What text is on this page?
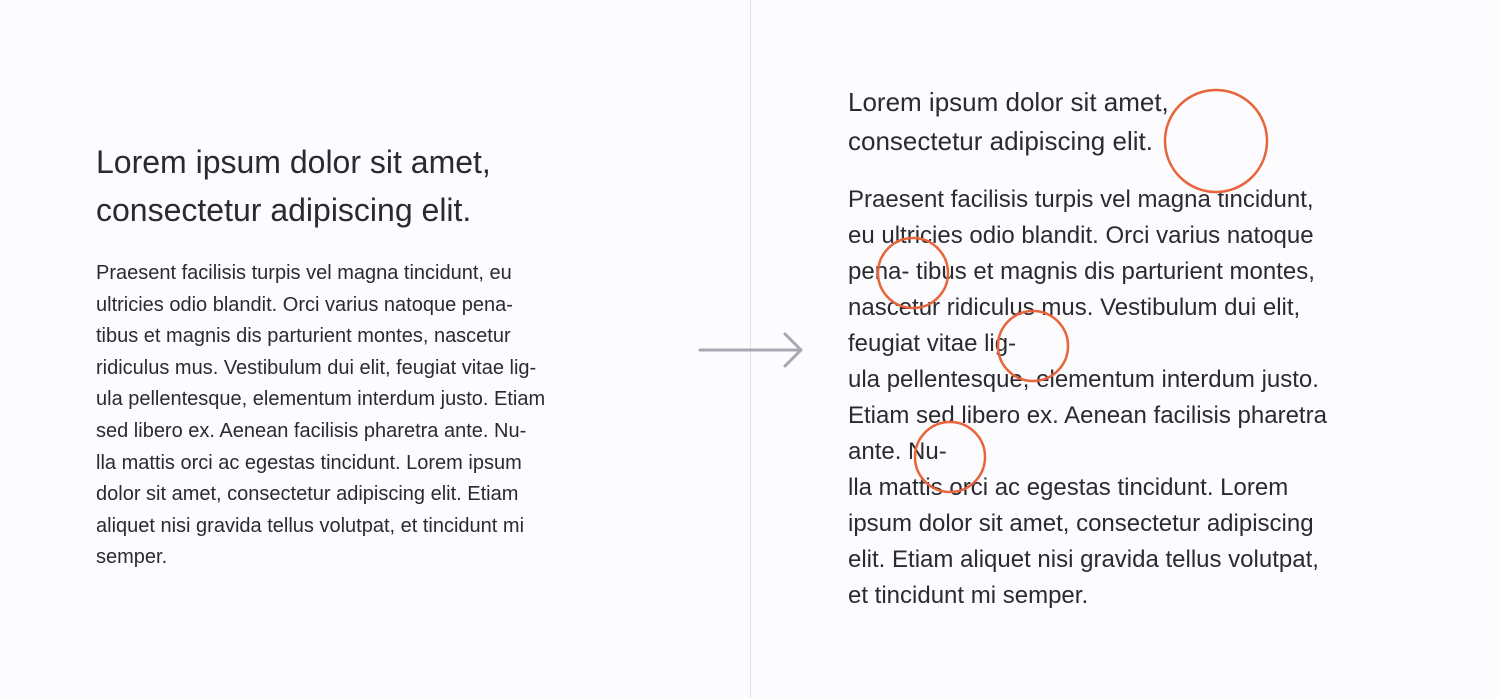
Lorem ipsum dolor sit amet,
consectetur adipiscing elit.
Praesent facilisis turpis vel magna tincidunt, eu
ultricies odio blandit. Orci varius natoque pena-
tibus et magnis dis parturient montes, nascetur
ridiculus mus. Vestibulum dui elit, feugiat vitae lig-
ula pellentesque, elementum interdum justo. Etiam
sed libero ex. Aenean facilisis pharetra ante. Nu-
lla mattis orci ac egestas tincidunt. Lorem ipsum
dolor sit amet, consectetur adipiscing elit. Etiam
aliquet nisi gravida tellus volutpat, et tincidunt mi
semper.
Lorem ipsum dolor sit amet,
consectetur adipiscing elit.
Praesent facilisis turpis vel magna tincidunt,
eu ultricies odio blandit. Orci varius natoque
pena- tibus et magnis dis parturient montes,
nascetur ridiculus mus. Vestibulum dui elit,
feugiat vitae lig-
ula pellentesque, elementum interdum justo.
Etiam sed libero ex. Aenean facilisis pharetra
ante. Nu-
lla mattis orci ac egestas tincidunt. Lorem
ipsum dolor sit amet, consectetur adipiscing
elit. Etiam aliquet nisi gravida tellus volutpat,
et tincidunt mi semper.
